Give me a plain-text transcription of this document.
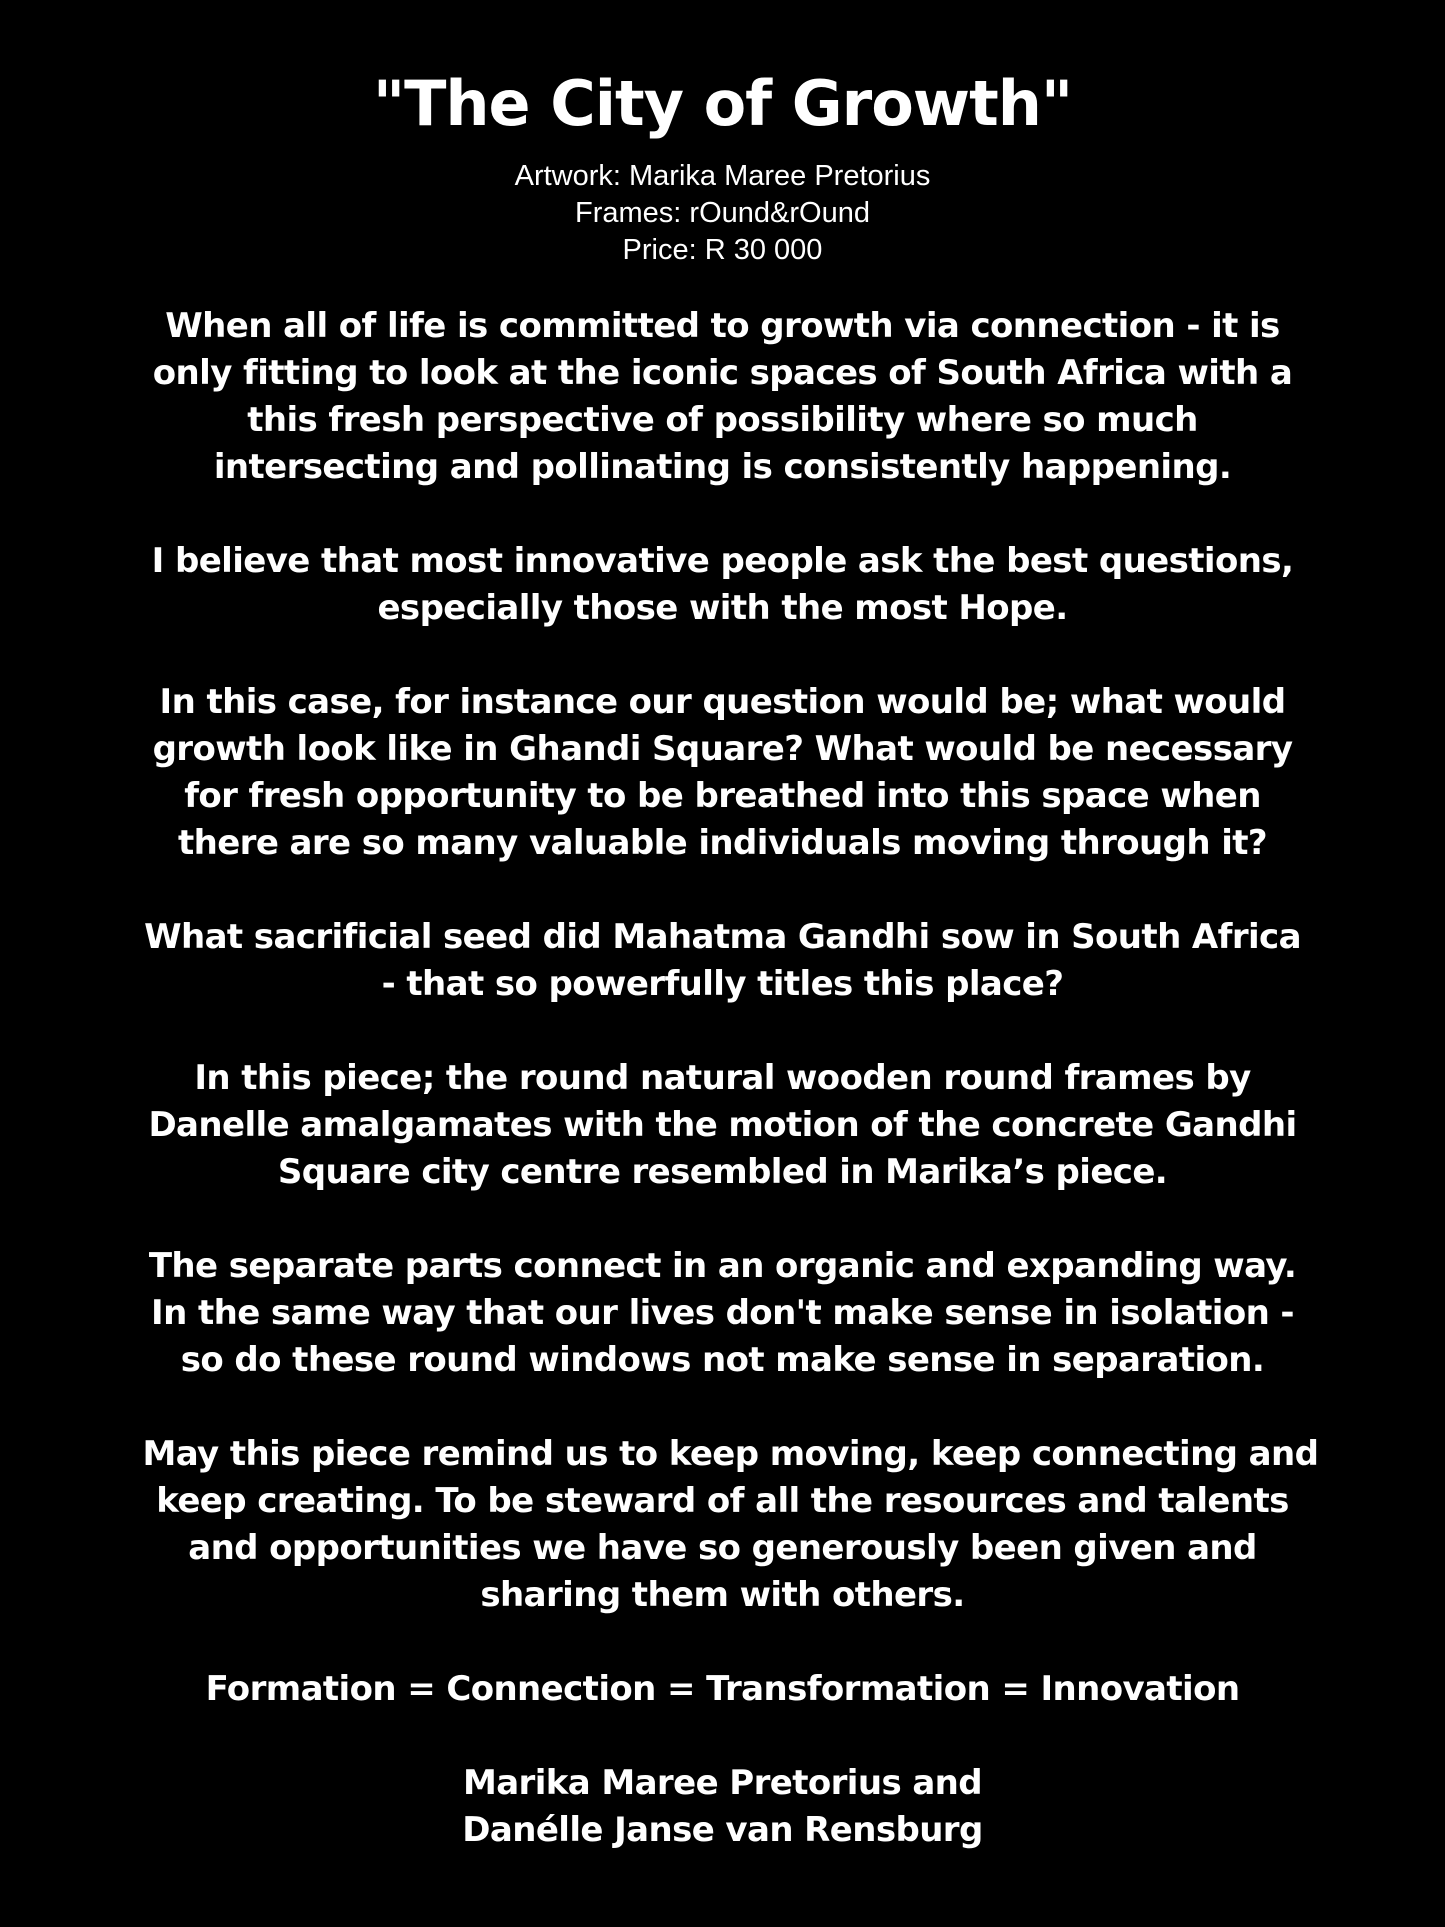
"The City of Growth"
Artwork: Marika Maree Pretorius
Frames: rOund&rOund
Price: R 30 000

When all of life is committed to growth via connection - it is
only fitting to look at the iconic spaces of South Africa with a
this fresh perspective of possibility where so much
intersecting and pollinating is consistently happening.

I believe that most innovative people ask the best questions,
especially those with the most Hope.

In this case, for instance our question would be; what would
growth look like in Ghandi Square? What would be necessary
for fresh opportunity to be breathed into this space when
there are so many valuable individuals moving through it?

What sacrificial seed did Mahatma Gandhi sow in South Africa
- that so powerfully titles this place?

In this piece; the round natural wooden round frames by
Danelle amalgamates with the motion of the concrete Gandhi
Square city centre resembled in Marika’s piece.

The separate parts connect in an organic and expanding way.
In the same way that our lives don't make sense in isolation -
so do these round windows not make sense in separation.

May this piece remind us to keep moving, keep connecting and
keep creating. To be steward of all the resources and talents
and opportunities we have so generously been given and
sharing them with others.

Formation = Connection = Transformation = Innovation

Marika Maree Pretorius and
Danélle Janse van Rensburg
